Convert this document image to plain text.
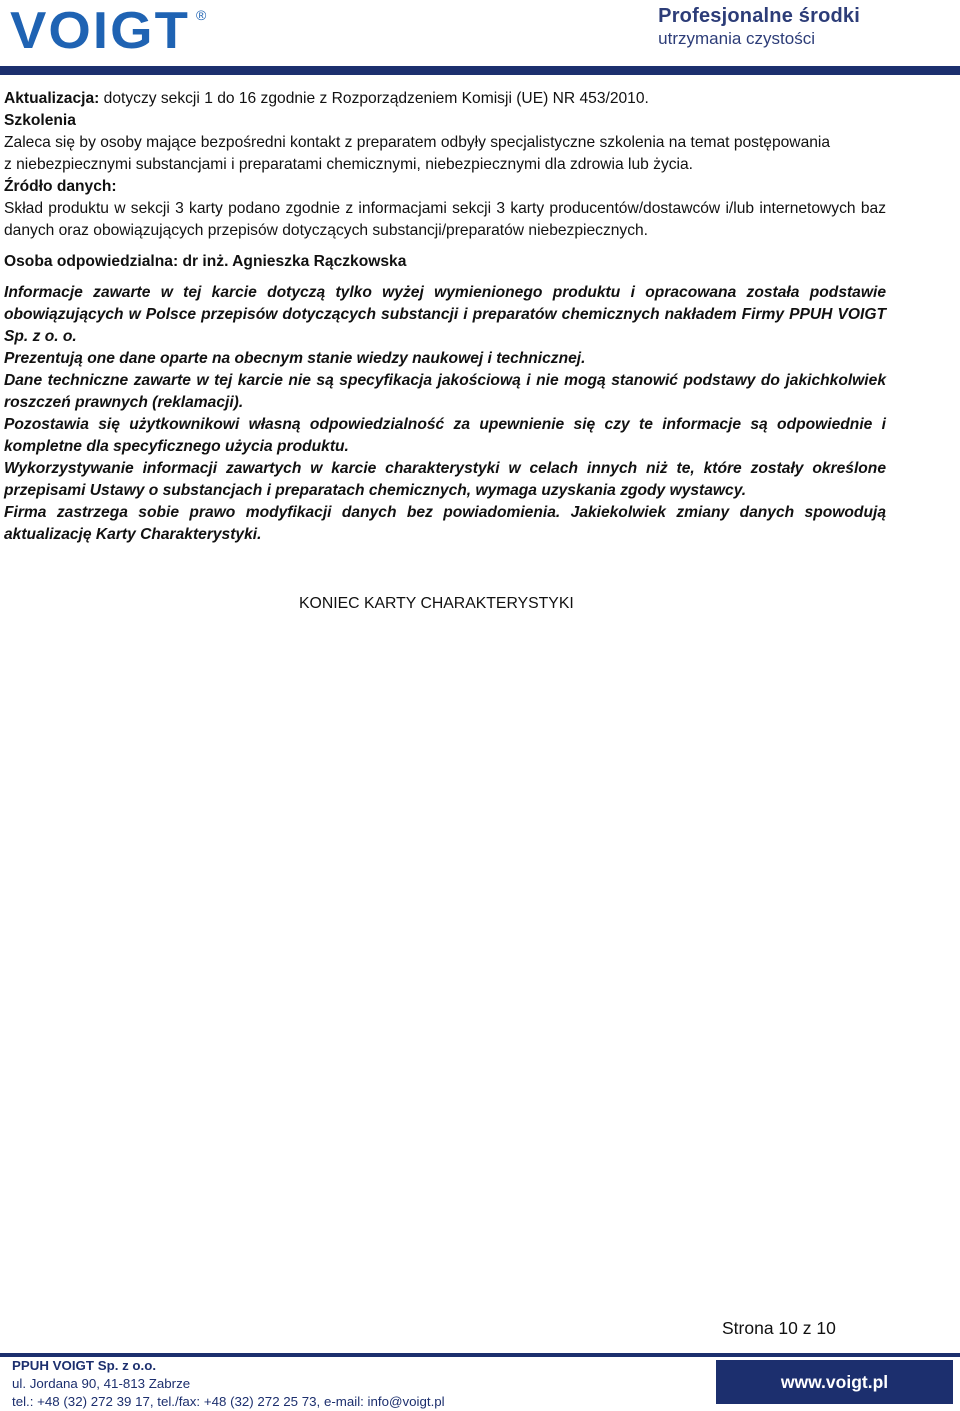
VOIGT ®	Profesjonalne środki
utrzymania czystości

Aktualizacja: dotyczy sekcji 1 do 16 zgodnie z Rozporządzeniem Komisji (UE) NR 453/2010.

Szkolenia

Zaleca się by osoby mające bezpośredni kontakt z preparatem odbyły specjalistyczne szkolenia na temat postępowania

z niebezpiecznymi substancjami i preparatami chemicznymi, niebezpiecznymi dla zdrowia lub życia.

Źródło danych:

Skład produktu w sekcji 3 karty podano zgodnie z informacjami sekcji 3 karty producentów/dostawców i/lub internetowych baz danych oraz obowiązujących przepisów dotyczących substancji/preparatów niebezpiecznych.

Osoba odpowiedzialna: dr inż. Agnieszka Rączkowska

Informacje zawarte w tej karcie dotyczą tylko wyżej wymienionego produktu i opracowana została podstawie obowiązujących w Polsce przepisów dotyczących substancji i preparatów chemicznych nakładem Firmy PPUH VOIGT Sp. z o. o.

Prezentują one dane oparte na obecnym stanie wiedzy naukowej i technicznej.

Dane techniczne zawarte w tej karcie nie są specyfikacja jakościową i nie mogą stanowić podstawy do jakichkolwiek roszczeń prawnych (reklamacji).

Pozostawia się użytkownikowi własną odpowiedzialność za upewnienie się czy te informacje są odpowiednie i kompletne dla specyficznego użycia produktu.

Wykorzystywanie informacji zawartych w karcie charakterystyki w celach innych niż te, które zostały określone przepisami Ustawy o substancjach i preparatach chemicznych, wymaga uzyskania zgody wystawcy.

Firma zastrzega sobie prawo modyfikacji danych bez powiadomienia. Jakiekolwiek zmiany danych spowodują aktualizację Karty Charakterystyki.

KONIEC KARTY CHARAKTERYSTYKI
Strona 10 z 10
PPUH VOIGT Sp. z o.o.
ul. Jordana 90, 41-813 Zabrze
tel.: +48 (32) 272 39 17, tel./fax: +48 (32) 272 25 73, e-mail: info@voigt.pl
www.voigt.pl
